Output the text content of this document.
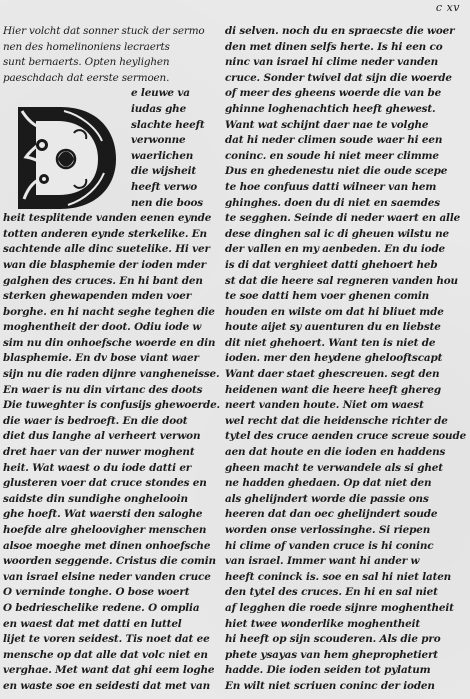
c xv
Hier volcht dat sonner stuck der sermo
nen des homelinoniens lecraerts
sunt bernaerts. Opten heylighen
paeschdach dat eerste sermoen.
e leuwe va
iudas ghe
slachte heeft
verwonne
waerlichen
die wijsheit
heeft verwo
nen die boos
heit tesplitende vanden eenen eynde
totten anderen eynde sterkelike. En
sachtende alle dinc suetelike. Hi ver
wan die blasphemie der ioden mder
galghen des cruces. En hi bant den
sterken ghewapenden mden voer
borghe. en hi nacht seghe teghen die
moghentheit der doot. Odiu iode w
sim nu din onhoefsche woerde en din
blasphemie. En dv bose viant waer
sijn nu die raden dijnre vangheneisse.
En waer is nu din virtanc des doots
Die tuweghter is confusijs ghewoerde.
die waer is bedroeft. En die doot
diet dus langhe al verheert verwon
dret haer van der nuwer moghent
heit. Wat waest o du iode datti er
glusteren voer dat cruce stondes en
saidste din sundighe onghelooin
ghe hoeft. Wat waersti den saloghe
hoefde alre gheloovigher menschen
alsoe moeghe met dinen onhoefsche
woorden seggende. Cristus die comin
van israel elsine neder vanden cruce
O verninde tonghe. O bose woert
O bedrieschelike redene. O omplia
en waest dat met datti en luttel
lijet te voren seidest. Tis noet dat ee
mensche op dat alle dat volc niet en
verghae. Met want dat ghi eem loghe
en waste soe en seidesti dat met van
di selven. noch du en spraecste die woer
den met dinen selfs herte. Is hi een co
ninc van israel hi clime neder vanden
cruce. Sonder twivel dat sijn die woerde
of meer des gheens woerde die van be
ghinne loghenachtich heeft ghewest.
Want wat schijnt daer nae te volghe
dat hi neder climen soude waer hi een
coninc. en soude hi niet meer climme
Dus en ghedenestu niet die oude scepe
te hoe confuus datti wilneer van hem
ghinghes. doen du di niet en saemdes
te segghen. Seinde di neder waert en alle
dese dinghen sal ic di gheuen wilstu ne
der vallen en my aenbeden. En du iode
is di dat verghieet datti ghehoert heb
st dat die heere sal regneren vanden hou
te soe datti hem voer ghenen comin
houden en wilste om dat hi bliuet mde
houte aijet sy auenturen du en liebste
dit niet ghehoert. Want ten is niet de
ioden. mer den heydene ghelooftscapt
Want daer staet ghescreuen. segt den
heidenen want die heere heeft ghereg
neert vanden houte. Niet om waest
wel recht dat die heidensche richter de
tytel des cruce aenden cruce screue soude
aen dat houte en die ioden en haddens
gheen macht te verwandele als si ghet
ne hadden ghedaen. Op dat niet den
als ghelijndert worde die passie ons
heeren dat dan oec ghelijndert soude
worden onse verlossinghe. Si riepen
hi clime of vanden cruce is hi coninc
van israel. Immer want hi ander w
heeft coninck is. soe en sal hi niet laten
den tytel des cruces. En hi en sal niet
af legghen die roede sijnre moghentheit
hiet twee wonderlike moghentheit
hi heeft op sijn scouderen. Als die pro
phete ysayas van hem gheprophetiert
hadde. Die ioden seiden tot pylatum
En wilt niet scriuen coninc der ioden
